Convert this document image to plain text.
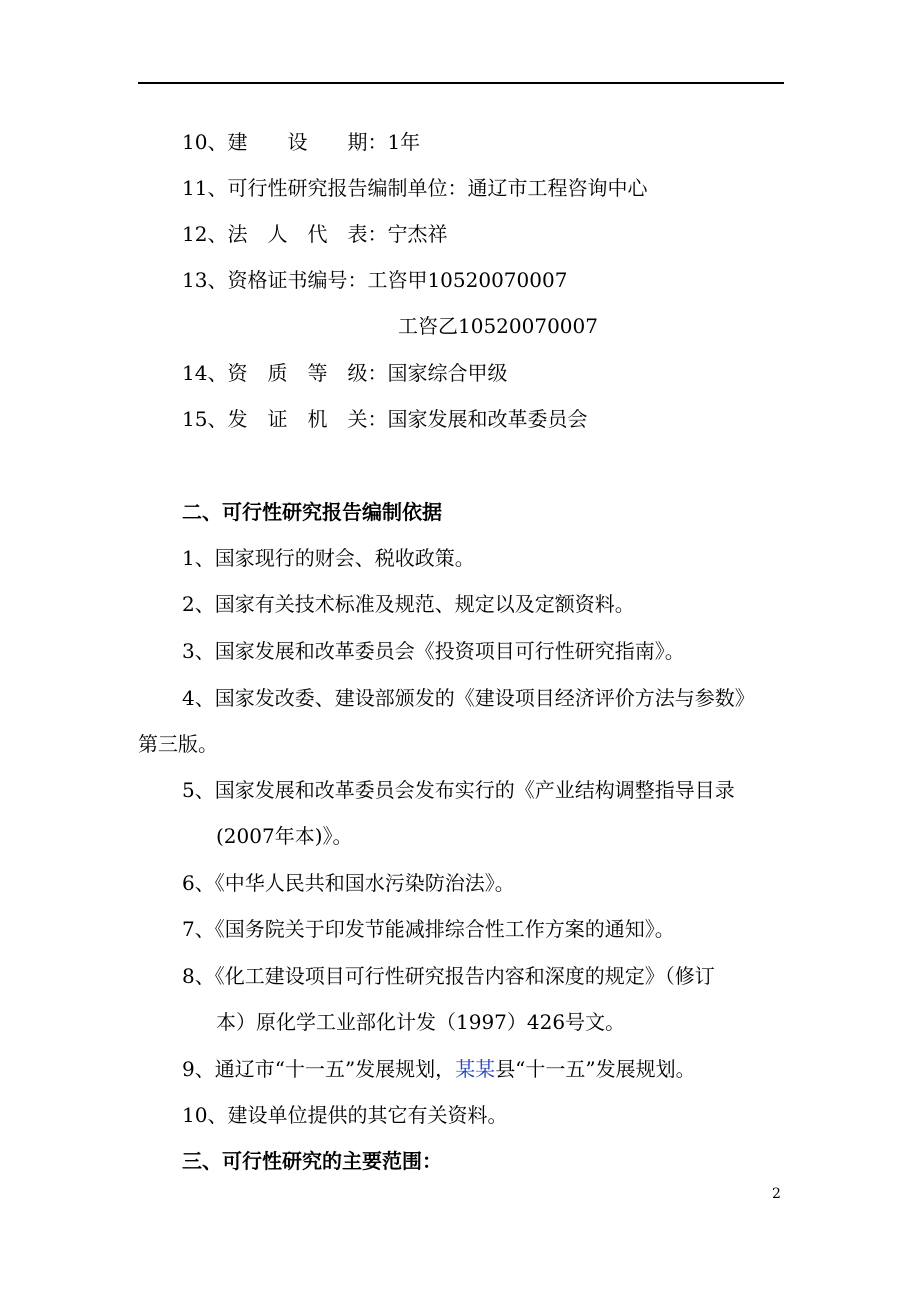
10、建　　设　　期：1年
11、可行性研究报告编制单位：通辽市工程咨询中心
12、法　人　代　表：宁杰祥
13、资格证书编号：工咨甲10520070007
工咨乙10520070007
14、资　质　等　级：国家综合甲级
15、发　证　机　关：国家发展和改革委员会
二、可行性研究报告编制依据
1、国家现行的财会、税收政策。
2、国家有关技术标准及规范、规定以及定额资料。
3、国家发展和改革委员会《投资项目可行性研究指南》。
4、国家发改委、建设部颁发的《建设项目经济评价方法与参数》
第三版。
5、国家发展和改革委员会发布实行的《产业结构调整指导目录
(2007年本)》。
6、《中华人民共和国水污染防治法》。
7、《国务院关于印发节能减排综合性工作方案的通知》。
8、《化工建设项目可行性研究报告内容和深度的规定》（修订
本）原化学工业部化计发（1997）426号文。
9、通辽市“十一五”发展规划，某某县“十一五”发展规划。
10、建设单位提供的其它有关资料。
三、可行性研究的主要范围：
2
